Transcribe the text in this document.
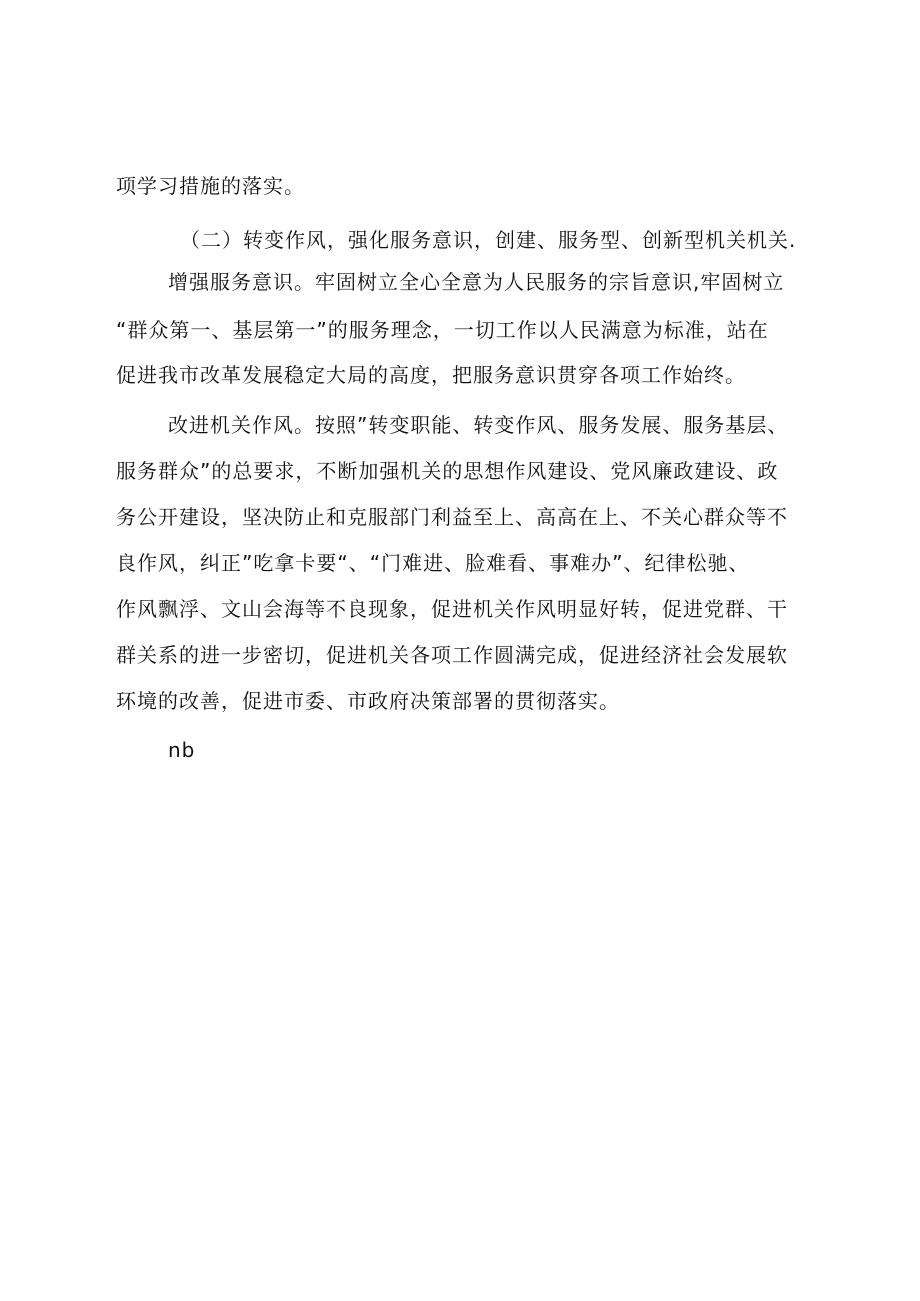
项学习措施的落实。
（二）转变作风，强化服务意识，创建、服务型、创新型机关机关.
增强服务意识。牢固树立全心全意为人民服务的宗旨意识,牢固树立
“群众第一、基层第一”的服务理念，一切工作以人民满意为标准，站在
促进我市改革发展稳定大局的高度，把服务意识贯穿各项工作始终。
改进机关作风。按照”转变职能、转变作风、服务发展、服务基层、
服务群众”的总要求，不断加强机关的思想作风建设、党风廉政建设、政
务公开建设，坚决防止和克服部门利益至上、高高在上、不关心群众等不
良作风，纠正”吃拿卡要“、“门难进、脸难看、事难办”、纪律松驰、
作风飘浮、文山会海等不良现象，促进机关作风明显好转，促进党群、干
群关系的进一步密切，促进机关各项工作圆满完成，促进经济社会发展软
环境的改善，促进市委、市政府决策部署的贯彻落实。
nb
